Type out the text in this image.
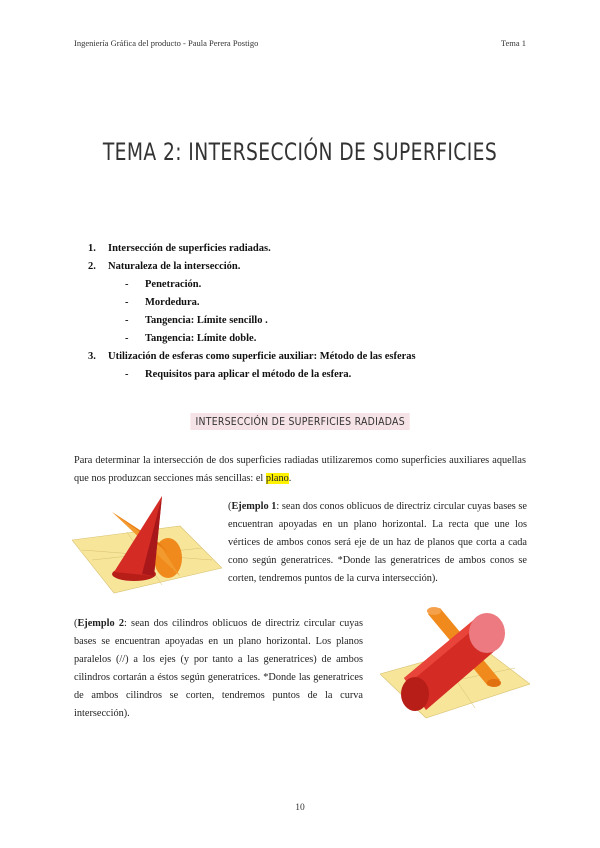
Ingeniería Gráfica del producto - Paula Perera Postigo	Tema 1
TEMA 2: INTERSECCIÓN DE SUPERFICIES
1. Intersección de superficies radiadas.
2. Naturaleza de la intersección.
- Penetración.
- Mordedura.
- Tangencia: Límite sencillo .
- Tangencia: Límite doble.
3. Utilización de esferas como superficie auxiliar: Método de las esferas
- Requisitos para aplicar el método de la esfera.
INTERSECCIÓN DE SUPERFICIES RADIADAS
Para determinar la intersección de dos superficies radiadas utilizaremos como superficies auxiliares aquellas que nos produzcan secciones más sencillas: el plano.
(Ejemplo 1: sean dos conos oblicuos de directriz circular cuyas bases se encuentran apoyadas en un plano horizontal. La recta que une los vértices de ambos conos será eje de un haz de planos que corta a cada cono según generatrices. *Donde las generatrices de ambos conos se corten, tendremos puntos de la curva intersección).
(Ejemplo 2: sean dos cilindros oblicuos de directriz circular cuyas bases se encuentran apoyadas en un plano horizontal. Los planos paralelos (//) a los ejes (y por tanto a las generatrices) de ambos cilindros cortarán a éstos según generatrices. *Donde las generatrices de ambos cilindros se corten, tendremos puntos de la curva intersección).
10
